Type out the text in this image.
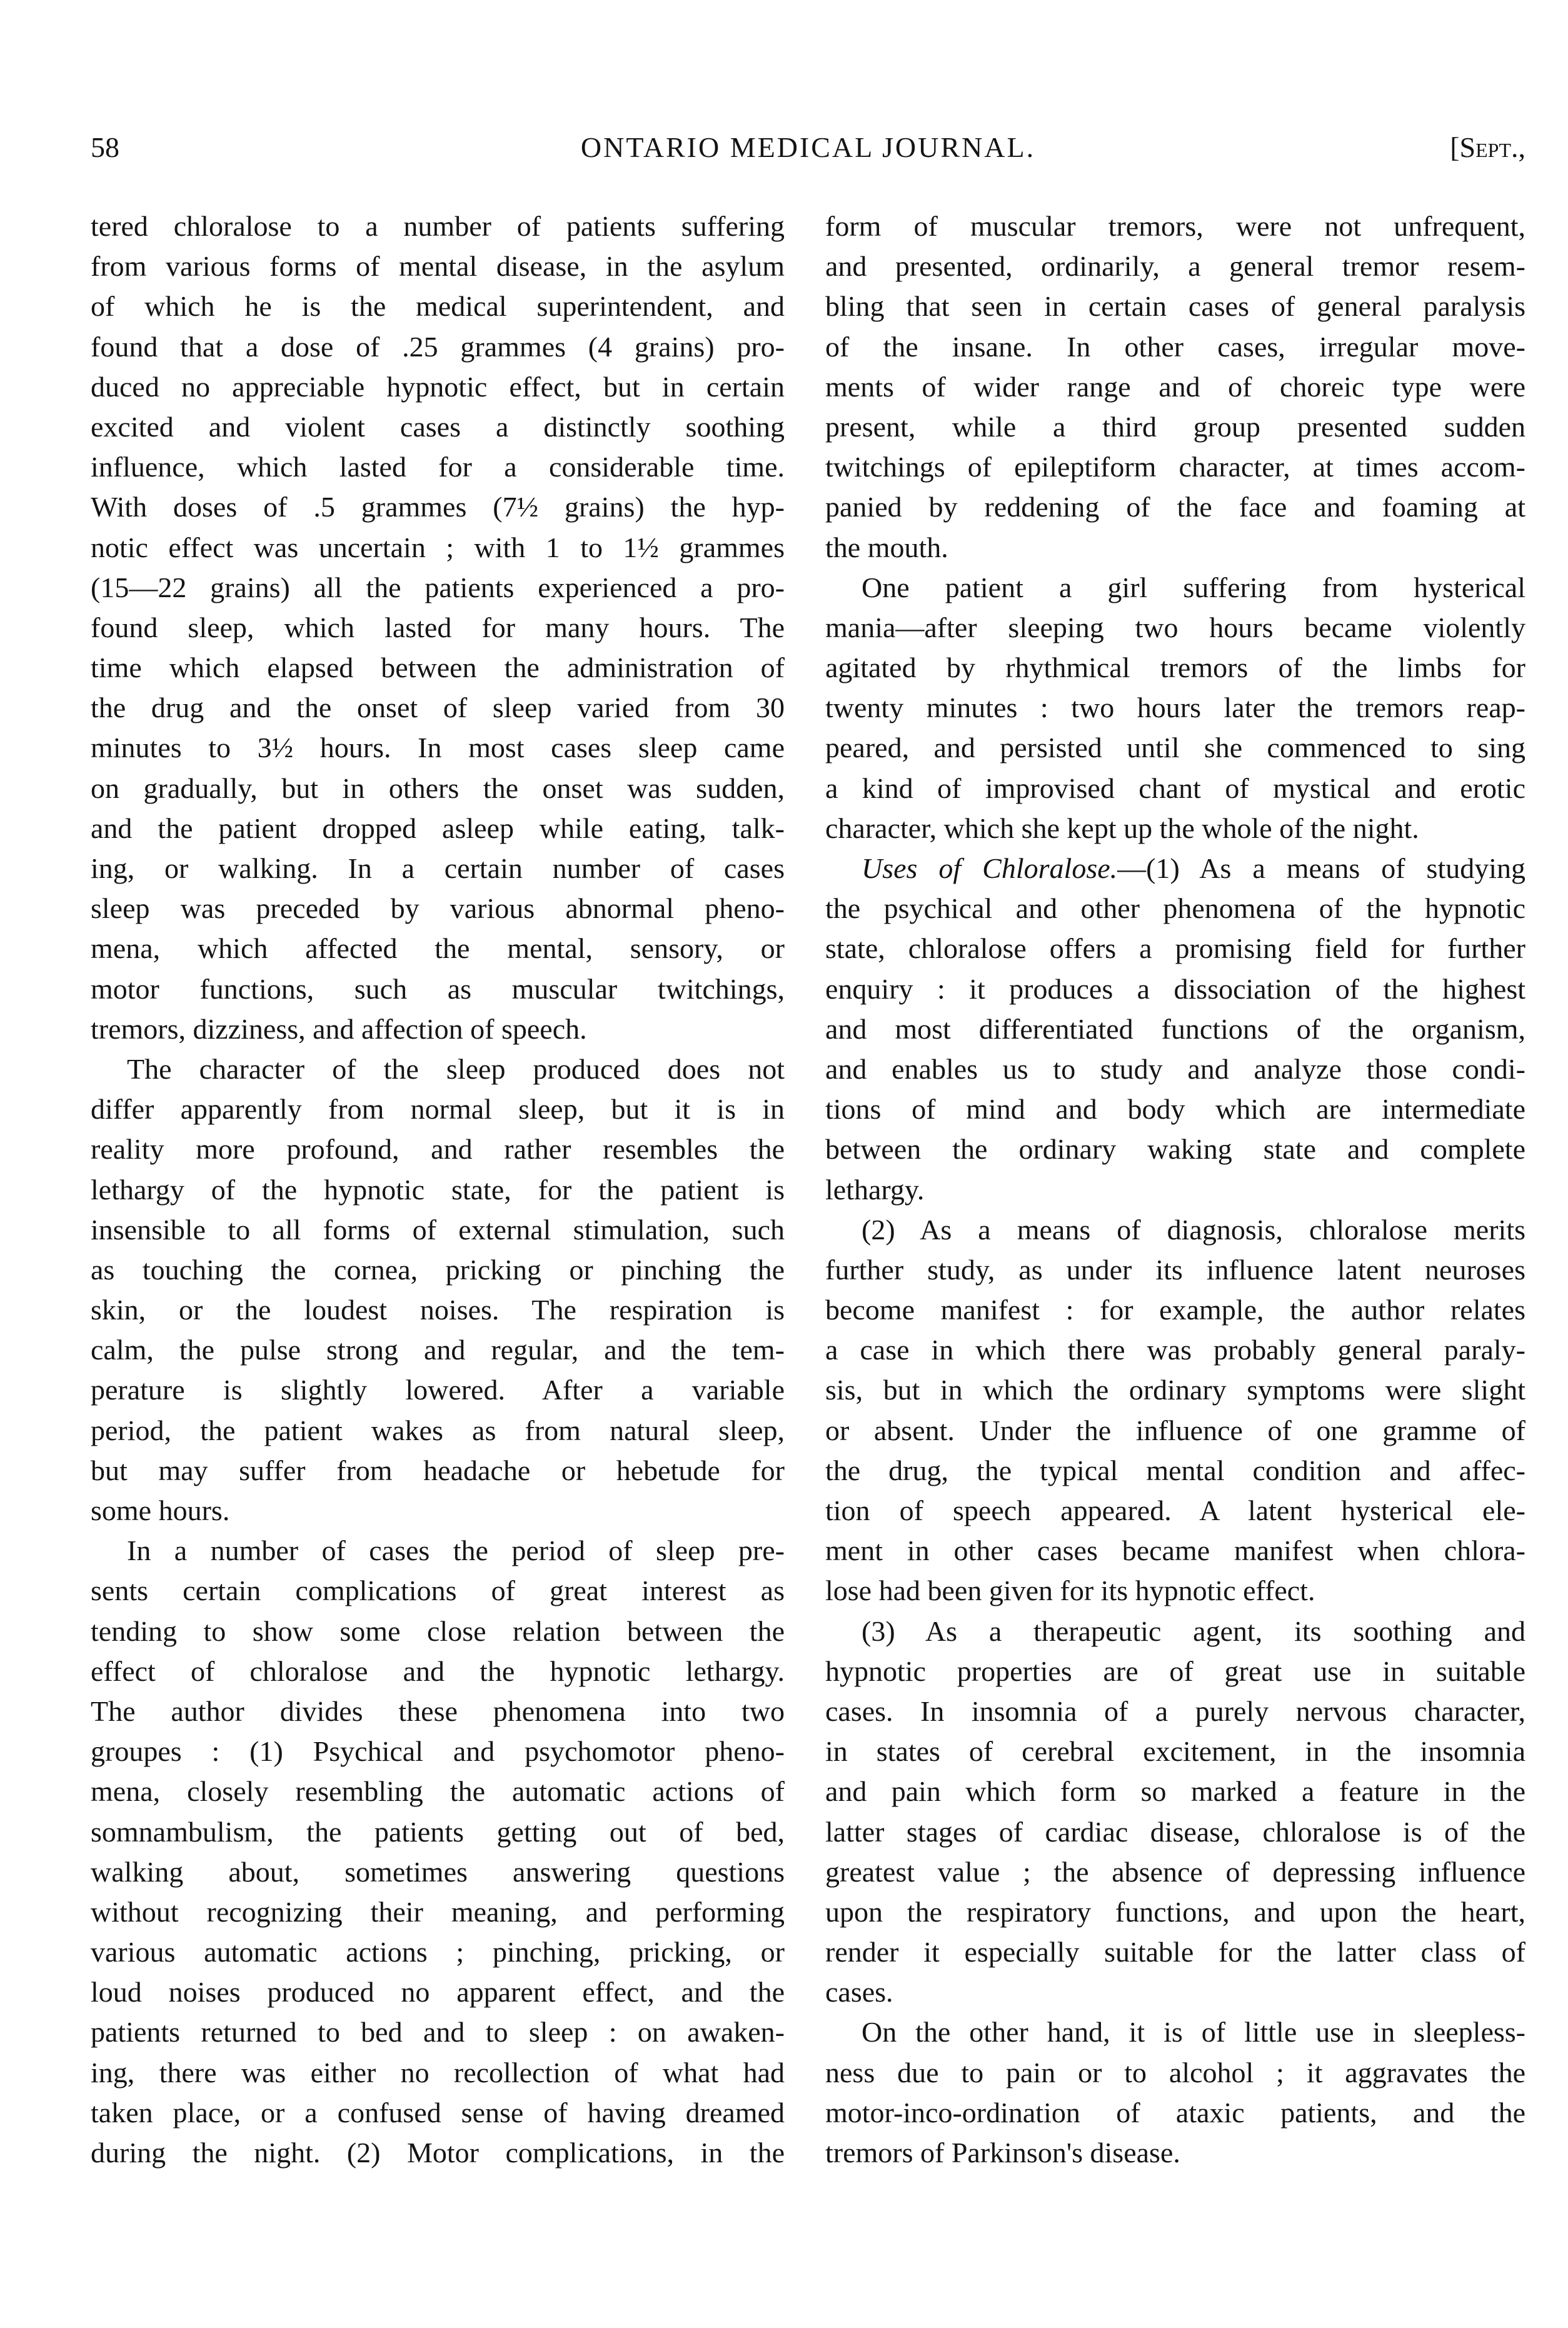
58	ONTARIO MEDICAL JOURNAL.	[Sept.,
tered chloralose to a number of patients suffering
from various forms of mental disease, in the asylum
of which he is the medical superintendent, and
found that a dose of .25 grammes (4 grains) pro-
duced no appreciable hypnotic effect, but in certain
excited and violent cases a distinctly soothing
influence, which lasted for a considerable time.
With doses of .5 grammes (7½ grains) the hyp-
notic effect was uncertain ; with 1 to 1½ grammes
(15—22 grains) all the patients experienced a pro-
found sleep, which lasted for many hours. The
time which elapsed between the administration of
the drug and the onset of sleep varied from 30
minutes to 3½ hours. In most cases sleep came
on gradually, but in others the onset was sudden,
and the patient dropped asleep while eating, talk-
ing, or walking. In a certain number of cases
sleep was preceded by various abnormal pheno-
mena, which affected the mental, sensory, or
motor functions, such as muscular twitchings,
tremors, dizziness, and affection of speech.
The character of the sleep produced does not
differ apparently from normal sleep, but it is in
reality more profound, and rather resembles the
lethargy of the hypnotic state, for the patient is
insensible to all forms of external stimulation, such
as touching the cornea, pricking or pinching the
skin, or the loudest noises. The respiration is
calm, the pulse strong and regular, and the tem-
perature is slightly lowered. After a variable
period, the patient wakes as from natural sleep,
but may suffer from headache or hebetude for
some hours.
In a number of cases the period of sleep pre-
sents certain complications of great interest as
tending to show some close relation between the
effect of chloralose and the hypnotic lethargy.
The author divides these phenomena into two
groupes : (1) Psychical and psychomotor pheno-
mena, closely resembling the automatic actions of
somnambulism, the patients getting out of bed,
walking about, sometimes answering questions
without recognizing their meaning, and performing
various automatic actions ; pinching, pricking, or
loud noises produced no apparent effect, and the
patients returned to bed and to sleep : on awaken-
ing, there was either no recollection of what had
taken place, or a confused sense of having dreamed
during the night. (2) Motor complications, in the
form of muscular tremors, were not unfrequent,
and presented, ordinarily, a general tremor resem-
bling that seen in certain cases of general paralysis
of the insane. In other cases, irregular move-
ments of wider range and of choreic type were
present, while a third group presented sudden
twitchings of epileptiform character, at times accom-
panied by reddening of the face and foaming at
the mouth.
One patient a girl suffering from hysterical
mania—after sleeping two hours became violently
agitated by rhythmical tremors of the limbs for
twenty minutes : two hours later the tremors reap-
peared, and persisted until she commenced to sing
a kind of improvised chant of mystical and erotic
character, which she kept up the whole of the night.
Uses of Chloralose.—(1) As a means of studying
the psychical and other phenomena of the hypnotic
state, chloralose offers a promising field for further
enquiry : it produces a dissociation of the highest
and most differentiated functions of the organism,
and enables us to study and analyze those condi-
tions of mind and body which are intermediate
between the ordinary waking state and complete
lethargy.
(2) As a means of diagnosis, chloralose merits
further study, as under its influence latent neuroses
become manifest : for example, the author relates
a case in which there was probably general paraly-
sis, but in which the ordinary symptoms were slight
or absent. Under the influence of one gramme of
the drug, the typical mental condition and affec-
tion of speech appeared. A latent hysterical ele-
ment in other cases became manifest when chlora-
lose had been given for its hypnotic effect.
(3) As a therapeutic agent, its soothing and
hypnotic properties are of great use in suitable
cases. In insomnia of a purely nervous character,
in states of cerebral excitement, in the insomnia
and pain which form so marked a feature in the
latter stages of cardiac disease, chloralose is of the
greatest value ; the absence of depressing influence
upon the respiratory functions, and upon the heart,
render it especially suitable for the latter class of
cases.
On the other hand, it is of little use in sleepless-
ness due to pain or to alcohol ; it aggravates the
motor-inco-ordination of ataxic patients, and the
tremors of Parkinson's disease.
